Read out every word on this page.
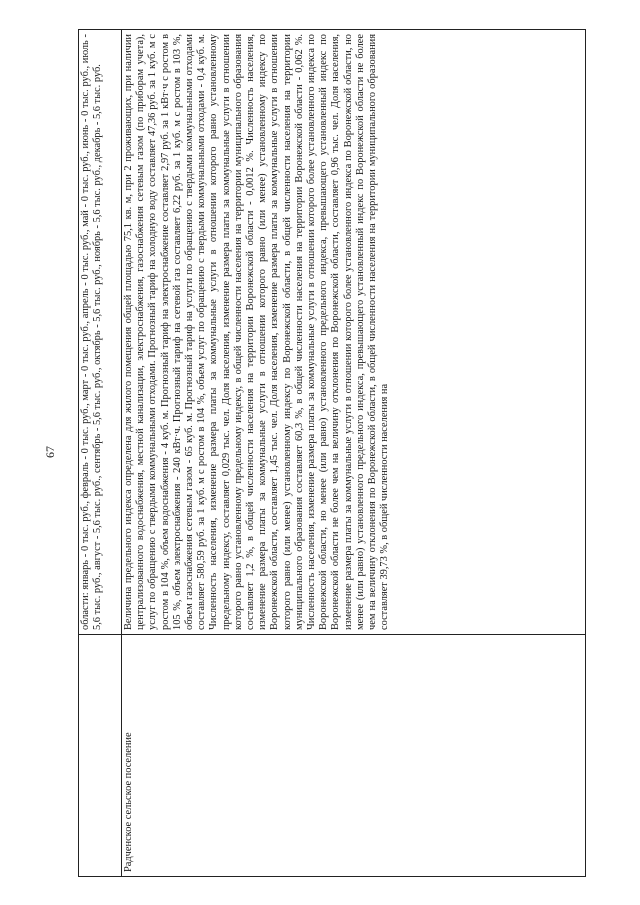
67
	области: январь - 0 тыс. руб., февраль - 0 тыс. руб., март - 0 тыс. руб., апрель - 0 тыс. руб., май - 0 тыс. руб., июнь - 0 тыс. руб., июль - 5,6 тыс. руб., август - 5,6 тыс. руб., сентябрь - 5,6 тыс. руб., октябрь - 5,6 тыс. руб., ноябрь - 5,6 тыс. руб., декабрь - 5,6 тыс. руб.
Радченское сельское поселение	Величина предельного индекса определена для жилого помещения общей площадью 75,1 кв. м, при 2 проживающих, при наличии централизованного водоснабжения, местной канализации, электроснабжения, газоснабжения сетевым газом (по приборам учета), услуг по обращению с твердыми коммунальными отходами. Прогнозный тариф на холодную воду составляет 47,36 руб. за 1 куб. м с ростом в 104 %, объем водоснабжения - 4 куб. м. Прогнозный тариф на электроснабжение составляет 2,97 руб. за 1 кВт·ч с ростом в 105 %, объем электроснабжения - 240 кВт·ч. Прогнозный тариф на сетевой газ составляет 6,22 руб. за 1 куб. м с ростом в 103 %, объем газоснабжения сетевым газом - 65 куб. м. Прогнозный тариф на услуги по обращению с твердыми коммунальными отходами составляет 580,59 руб. за 1 куб. м с ростом в 104 %, объем услуг по обращению с твердыми коммунальными отходами - 0,4 куб. м. Численность населения, изменение размера платы за коммунальные услуги в отношении которого равно установленному предельному индексу, составляет 0,029 тыс. чел. Доля населения, изменение размера платы за коммунальные услуги в отношении которого равно установленному предельному индексу, в общей численности населения на территории муниципального образования составляет 1,2 %, в общей численности населения на территории Воронежской области - 0,0012 %. Численность населения, изменение размера платы за коммунальные услуги в отношении которого равно (или менее) установленному индексу по Воронежской области, составляет 1,45 тыс. чел. Доля населения, изменение размера платы за коммунальные услуги в отношении которого равно (или менее) установленному индексу по Воронежской области, в общей численности населения на территории муниципального образования составляет 60,3 %, в общей численности населения на территории Воронежской области - 0,062 %. Численность населения, изменение размера платы за коммунальные услуги в отношении которого более установленного индекса по Воронежской области, но менее (или равно) установленного предельного индекса, превышающего установленный индекс по Воронежской области не более чем на величину отклонения по Воронежской области, составляет 0,96 тыс. чел. Доля населения, изменение размера платы за коммунальные услуги в отношении которого более установленного индекса по Воронежской области, но менее (или равно) установленного предельного индекса, превышающего установленный индекс по Воронежской области не более чем на величину отклонения по Воронежской области, в общей численности населения на территории муниципального образования составляет 39,73 %, в общей численности населения на
